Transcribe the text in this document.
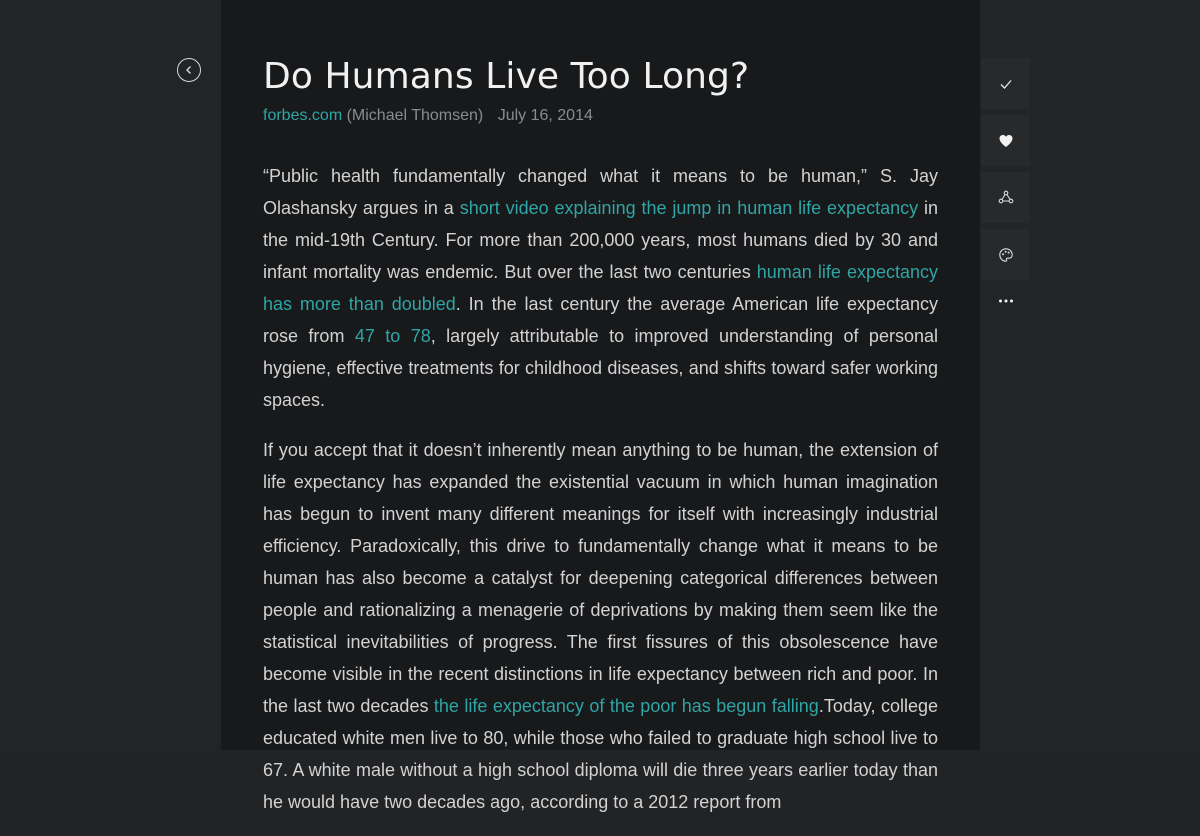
Do Humans Live Too Long?
forbes.com (Michael Thomsen) July 16, 2014

“Public health fundamentally changed what it means to be human,” S. Jay Olashansky argues in a short video explaining the jump in human life expectancy in the mid-19th Century. For more than 200,000 years, most humans died by 30 and infant mortality was endemic. But over the last two centuries human life expectancy has more than doubled. In the last century the average American life expectancy rose from 47 to 78, largely attributable to improved understanding of personal hygiene, effective treatments for childhood diseases, and shifts toward safer working spaces.

If you accept that it doesn’t inherently mean anything to be human, the extension of life expectancy has expanded the existential vacuum in which human imagination has begun to invent many different meanings for itself with increasingly industrial efficiency. Paradoxically, this drive to fundamentally change what it means to be human has also become a catalyst for deepening categorical differences between people and rationalizing a menagerie of deprivations by making them seem like the statistical inevitabilities of progress. The first fissures of this obsolescence have become visible in the recent distinctions in life expectancy between rich and poor. In the last two decades the life expectancy of the poor has begun falling.Today, college educated white men live to 80, while those who failed to graduate high school live to 67. A white male without a high school diploma will die three years earlier today than he would have two decades ago, according to a 2012 report from
